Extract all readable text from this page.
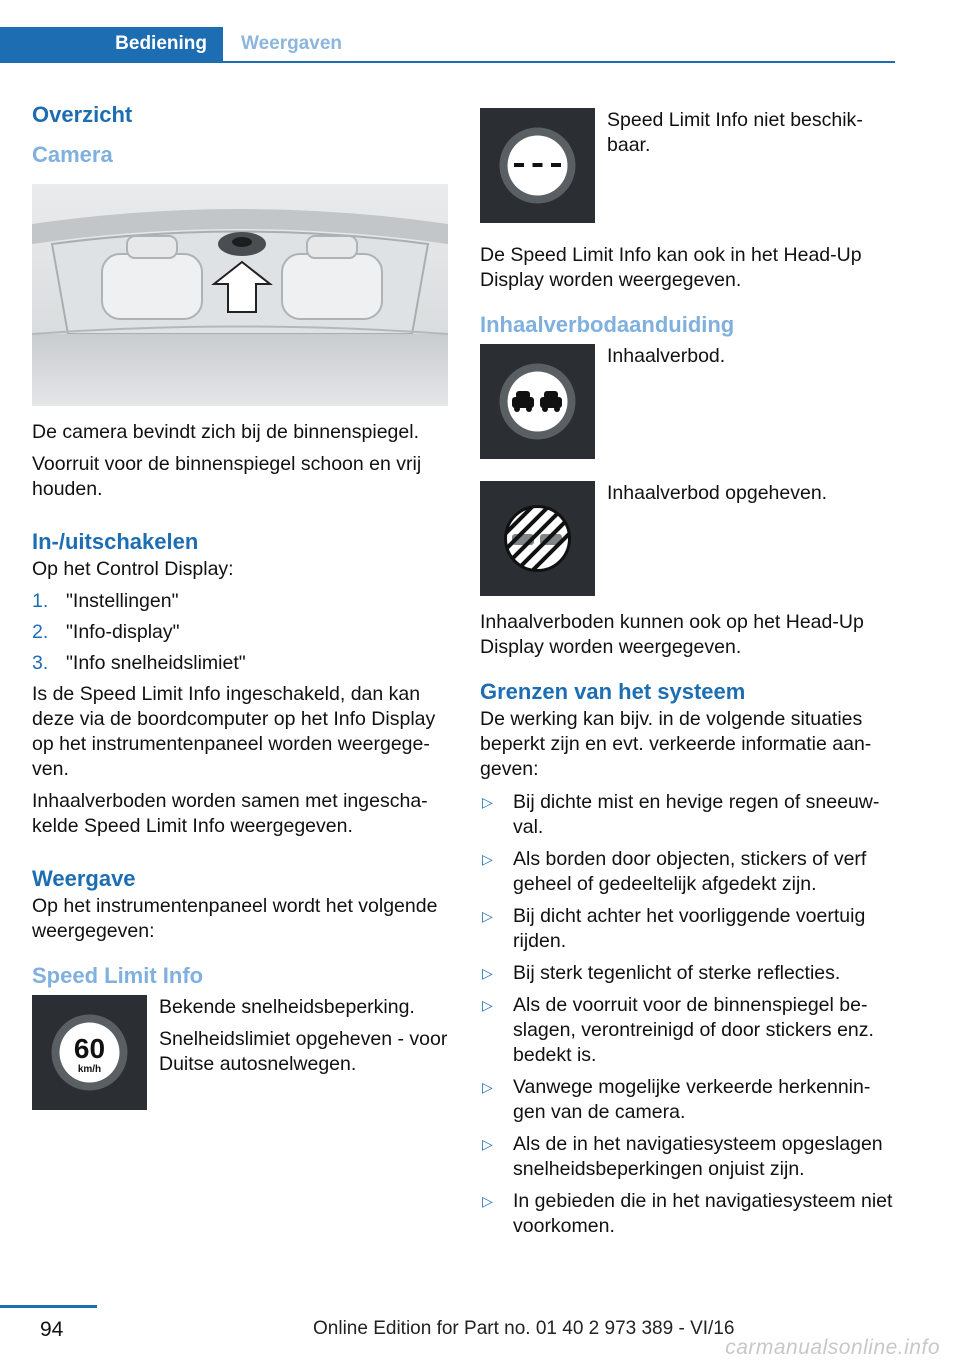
Bediening	Weergaven
Overzicht
Camera

De camera bevindt zich bij de binnenspiegel.

Voorruit voor de binnenspiegel schoon en vrij houden.

In-/uitschakelen

Op het Control Display:

1. "Instellingen"
2. "Info-display"
3. "Info snelheidslimiet"

Is de Speed Limit Info ingeschakeld, dan kan deze via de boordcomputer op het Info Display op het instrumentenpaneel worden weergegeven.

Inhaalverboden worden samen met ingeschakelde Speed Limit Info weergegeven.

Weergave

Op het instrumentenpaneel wordt het volgende weergegeven:

Speed Limit Info
60
km/h

Bekende snelheidsbeperking.

Snelheidslimiet opgeheven - voor Duitse autosnelwegen.

Speed Limit Info niet beschikbaar.

De Speed Limit Info kan ook in het Head-Up Display worden weergegeven.

Inhaalverbodaanduiding

Inhaalverbod.

Inhaalverbod opgeheven.

Inhaalverboden kunnen ook op het Head-Up Display worden weergegeven.

Grenzen van het systeem

De werking kan bijv. in de volgende situaties beperkt zijn en evt. verkeerde informatie aangeven:

▷ Bij dichte mist en hevige regen of sneeuwval.
▷ Als borden door objecten, stickers of verf geheel of gedeeltelijk afgedekt zijn.
▷ Bij dicht achter het voorliggende voertuig rijden.
▷ Bij sterk tegenlicht of sterke reflecties.
▷ Als de voorruit voor de binnenspiegel beslagen, verontreinigd of door stickers enz. bedekt is.
▷ Vanwege mogelijke verkeerde herkenningen van de camera.
▷ Als de in het navigatiesysteem opgeslagen snelheidsbeperkingen onjuist zijn.
▷ In gebieden die in het navigatiesysteem niet voorkomen.
94	Online Edition for Part no. 01 40 2 973 389 - VI/16
carmanualsonline.info
